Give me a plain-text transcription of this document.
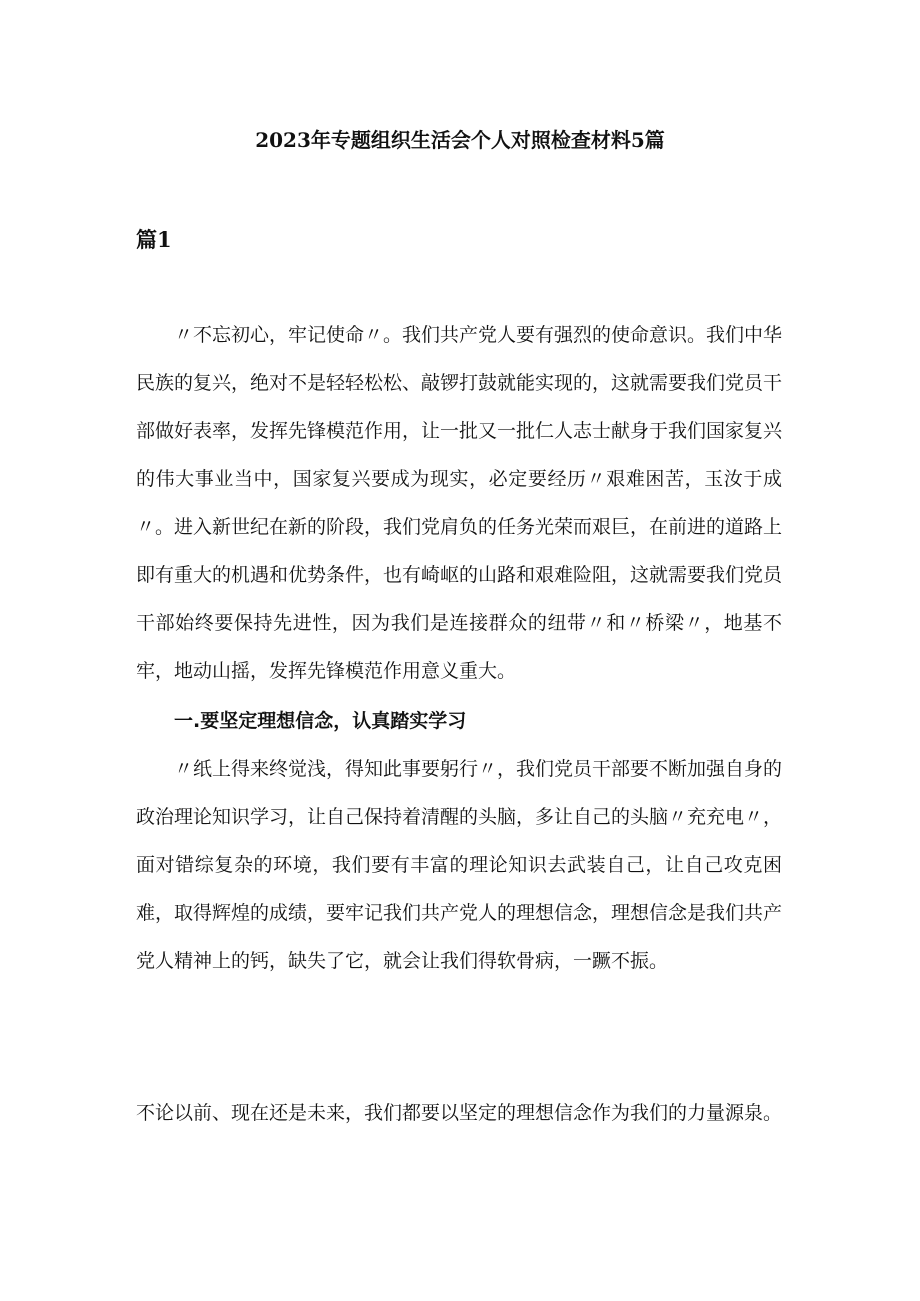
2023年专题组织生活会个人对照检查材料5篇
篇1

〃不忘初心，牢记使命〃。我们共产党人要有强烈的使命意识。我们中华民族的复兴，绝对不是轻轻松松、敲锣打鼓就能实现的，这就需要我们党员干部做好表率，发挥先锋模范作用，让一批又一批仁人志士献身于我们国家复兴的伟大事业当中，国家复兴要成为现实，必定要经历〃艰难困苦，玉汝于成〃。进入新世纪在新的阶段，我们党肩负的任务光荣而艰巨，在前进的道路上即有重大的机遇和优势条件，也有崎岖的山路和艰难险阻，这就需要我们党员干部始终要保持先进性，因为我们是连接群众的纽带〃和〃桥梁〃，地基不牢，地动山摇，发挥先锋模范作用意义重大。

一.要坚定理想信念，认真踏实学习

〃纸上得来终觉浅，得知此事要躬行〃，我们党员干部要不断加强自身的政治理论知识学习，让自己保持着清醒的头脑，多让自己的头脑〃充充电〃，面对错综复杂的环境，我们要有丰富的理论知识去武装自己，让自己攻克困难，取得辉煌的成绩，要牢记我们共产党人的理想信念，理想信念是我们共产党人精神上的钙，缺失了它，就会让我们得软骨病，一蹶不振。

不论以前、现在还是未来，我们都要以坚定的理想信念作为我们的力量源泉。
